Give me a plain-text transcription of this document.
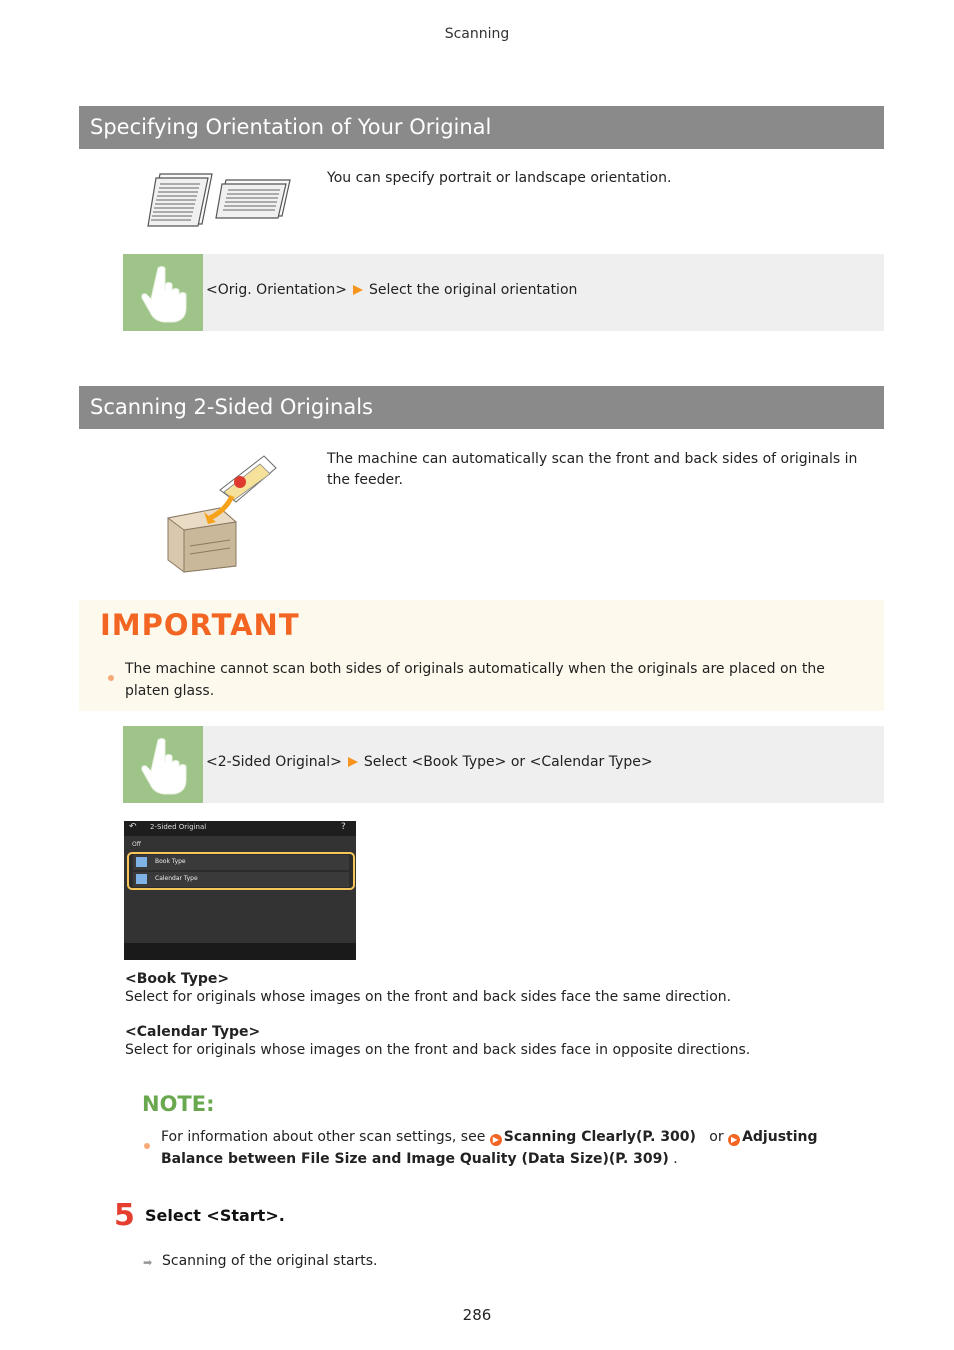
Scanning
Specifying Orientation of Your Original
You can specify portrait or landscape orientation.
<Orig. Orientation> Select the original orientation
Scanning 2-Sided Originals
The machine can automatically scan the front and back sides of originals in the feeder.
IMPORTANT
The machine cannot scan both sides of originals automatically when the originals are placed on the platen glass.
<2-Sided Original> Select <Book Type> or <Calendar Type>
↶ 2-Sided Original	?
Off
Book Type
Calendar Type
<Book Type>
Select for originals whose images on the front and back sides face the same direction.
<Calendar Type>
Select for originals whose images on the front and back sides face in opposite directions.
NOTE:
For information about other scan settings, see ▶ Scanning Clearly(P. 300) or ▶ Adjusting Balance between File Size and Image Quality (Data Size)(P. 309) .
5 Select <Start>.
➡ Scanning of the original starts.
286
